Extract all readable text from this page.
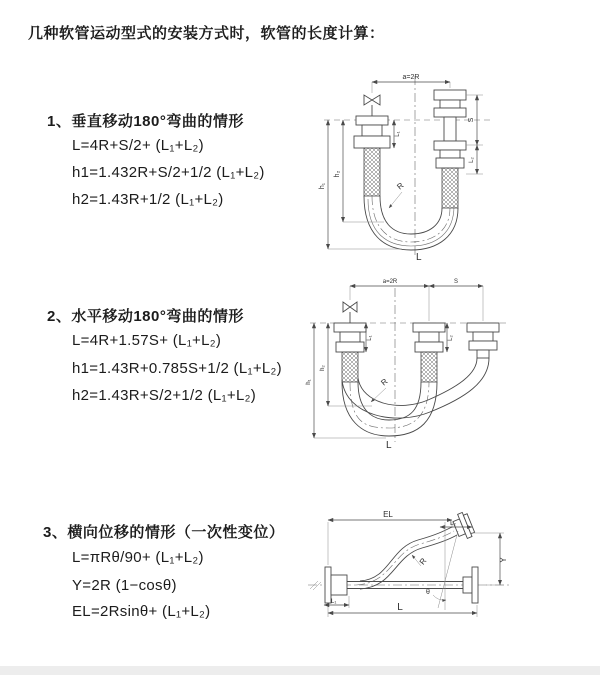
几种软管运动型式的安装方式时，软管的长度计算：
1、垂直移动180°弯曲的情形
L=4R+S/2+ (L₁+L₂)
h1=1.432R+S/2+1/2 (L₁+L₂)
h2=1.43R+1/2 (L₁+L₂)
2、水平移动180°弯曲的情形
L=4R+1.57S+ (L₁+L₂)
h1=1.43R+0.785S+1/2 (L₁+L₂)
h2=1.43R+S/2+1/2 (L₁+L₂)
3、横向位移的情形（一次性变位）
L=πRθ/90+ (L₁+L₂)
Y=2R (1−cosθ)
EL=2Rsinθ+ (L₁+L₂)
a=2R
h₁
h₂
L₁
S
L₂
R
L
a=2R	S
h₁
h₂
L₁	L₂
R
L
EL
L₂
θ
Y
L
L₁
R
